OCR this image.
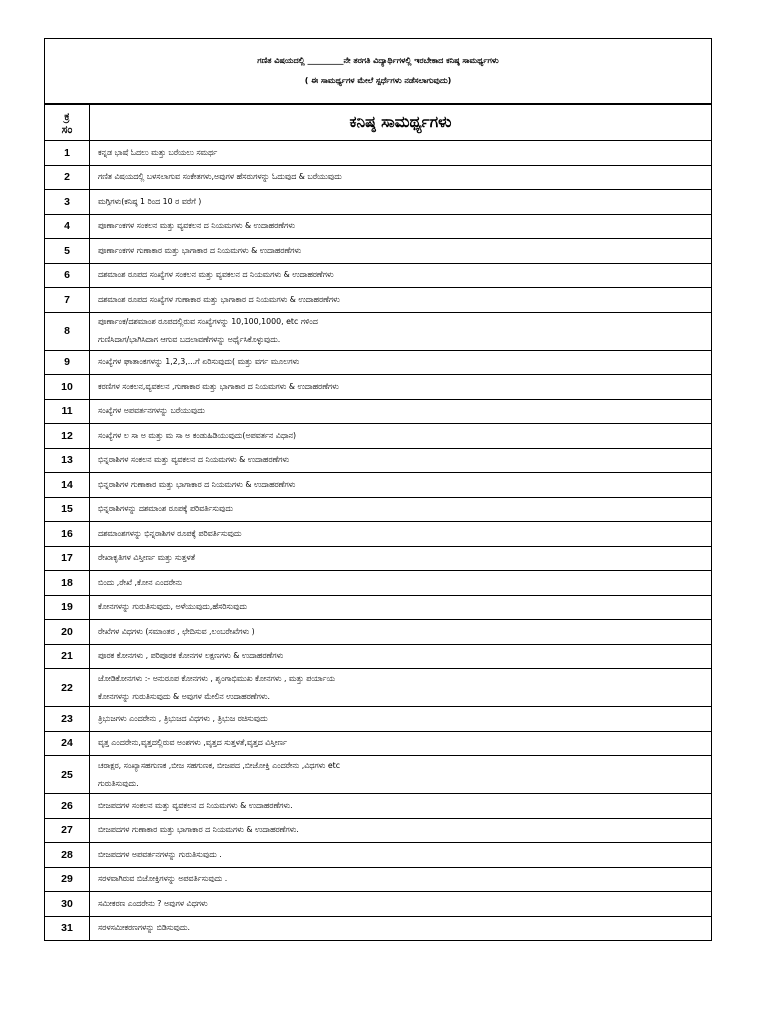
ಗಣಿತ ವಿಷಯದಲ್ಲಿ _________ನೇ ತರಗತಿ ವಿದ್ಯಾರ್ಥಿಗಳಲ್ಲಿ ಇರಬೇಕಾದ ಕನಿಷ್ಠ ಸಾಮರ್ಥ್ಯಗಳು
( ಈ ಸಾಮರ್ಥ್ಯಗಳ ಮೇಲೆ ಸ್ಪರ್ಧೆಗಳು ನಡೆಸಲಾಗುವುದು)
ಕ್ರ
ಸಂ	ಕನಿಷ್ಠ ಸಾಮರ್ಥ್ಯಗಳು
1	ಕನ್ನಡ ಭಾಷೆ ಓದಲು ಮತ್ತು ಬರೆಯಲು ಸಮರ್ಥ

2	ಗಣಿತ ವಿಷಯದಲ್ಲಿ ಬಳಸಲಾಗುವ ಸಂಕೇತಗಳು,ಅವುಗಳ ಹೆಸರುಗಳನ್ನು ಓದುವುದ & ಬರೆಯುವುದು

3	ಮಗ್ಗಿಗಳು(ಕನಿಷ್ಠ 1 ರಿಂದ 10 ರ ವರೆಗೆ )

4	ಪೂರ್ಣಾಂಕಗಳ ಸಂಕಲನ ಮತ್ತು ವ್ಯವಕಲನ ದ ನಿಯಮಗಳು & ಉದಾಹರಣೆಗಳು

5	ಪೂರ್ಣಾಂಕಗಳ ಗುಣಾಕಾರ ಮತ್ತು ಭಾಗಾಕಾರ ದ ನಿಯಮಗಳು & ಉದಾಹರಣೆಗಳು

6	ದಶಮಾಂಶ ರೂಪದ ಸಂಖ್ಯೆಗಳ ಸಂಕಲನ ಮತ್ತು ವ್ಯವಕಲನ ದ ನಿಯಮಗಳು & ಉದಾಹರಣೆಗಳು

7	ದಶಮಾಂಶ ರೂಪದ ಸಂಖ್ಯೆಗಳ ಗುಣಾಕಾರ ಮತ್ತು ಭಾಗಾಕಾರ ದ ನಿಯಮಗಳು & ಉದಾಹರಣೆಗಳು

8	ಪೂರ್ಣಾಂಕ/ದಶಮಾಂಶ ರೂಪದಲ್ಲಿರುವ ಸಂಖ್ಯೆಗಳನ್ನು 10,100,1000, etc ಗಳಿಂದ
ಗುಣಿಸಿದಾಗ/ಭಾಗಿಸಿದಾಗ ಆಗುವ ಬದಲಾವಣೆಗಳನ್ನು ಅರ್ಥೈಸಿಕೊಳ್ಳುವುದು.

9	ಸಂಖ್ಯೆಗಳ ಘಾತಾಂಕಗಳನ್ನು 1,2,3,...ಗೆ ಏರಿಸುವುದು( ಮತ್ತು ವರ್ಗ ಮೂಲಗಳು

10	ಕರಣಿಗಳ ಸಂಕಲನ,ವ್ಯವಕಲನ ,ಗುಣಾಕಾರ ಮತ್ತು ಭಾಗಾಕಾರ ದ ನಿಯಮಗಳು & ಉದಾಹರಣೆಗಳು

11	ಸಂಖ್ಯೆಗಳ ಅಪವರ್ತನಗಳನ್ನು ಬರೆಯುವುದು

12	ಸಂಖ್ಯೆಗಳ ಲ ಸಾ ಅ ಮತ್ತು ಮ ಸಾ ಅ ಕಂಡುಹಿಡಿಯುವುದು(ಅಪವರ್ತನ ವಿಧಾನ)

13	ಭಿನ್ನರಾಶಿಗಳ ಸಂಕಲನ ಮತ್ತು ವ್ಯವಕಲನ ದ ನಿಯಮಗಳು & ಉದಾಹರಣೆಗಳು

14	ಭಿನ್ನರಾಶಿಗಳ ಗುಣಾಕಾರ ಮತ್ತು ಭಾಗಾಕಾರ ದ ನಿಯಮಗಳು & ಉದಾಹರಣೆಗಳು

15	ಭಿನ್ನರಾಶಿಗಳನ್ನು ದಶಮಾಂಶ ರೂಪಕ್ಕೆ ಪರಿವರ್ತಿಸುವುದು

16	ದಶಮಾಂಶಗಳನ್ನು ಭಿನ್ನರಾಶಿಗಳ ರೂಪಕ್ಕೆ ಪರಿವರ್ತಿಸುವುದು

17	ರೇಖಾಕೃತಿಗಳ ವಿಸ್ತೀರ್ಣ ಮತ್ತು ಸುತ್ತಳತೆ

18	ಬಿಂದು ,ರೇಖೆ ,ಕೋನ ಎಂದರೇನು

19	ಕೋನಗಳನ್ನು ಗುರುತಿಸುವುದು, ಅಳೆಯುವುದು,ಹೆಸರಿಸುವುದು

20	ರೇಖೆಗಳ ವಿಧಗಳು (ಸಮಾಂತರ , ಛೇದಿಸುವ ,ಲಂಬರೇಖೆಗಳು )

21	ಪೂರಕ ಕೋನಗಳು , ಪರಿಪೂರಕ ಕೋನಗಳ ಲಕ್ಷಣಗಳು & ಉದಾಹರಣೆಗಳು

22	ಜೋಡಿಕೋನಗಳು :- ಅನುರೂಪ ಕೋನಗಳು , ಶೃಂಗಾಭಿಮುಖ ಕೋನಗಳು , ಮತ್ತು ಪರ್ಯಾಯ
ಕೋನಗಳನ್ನು ಗುರುತಿಸುವುದು & ಅವುಗಳ ಮೇಲಿನ ಉದಾಹರಣೆಗಳು.

23	ತ್ರಿಭುಜಗಳು ಎಂದರೇನು , ತ್ರಿಭುಜದ ವಿಧಗಳು , ತ್ರಿಭುಜ ರಚಿಸುವುದು

24	ವೃತ್ತ ಎಂದರೇನು,ವೃತ್ತದಲ್ಲಿರುವ ಅಂಶಗಳು ,ವೃತ್ತದ ಸುತ್ತಳತೆ,ವೃತ್ತದ ವಿಸ್ತೀರ್ಣ

25	ಚರಾಕ್ಷರ, ಸಂಖ್ಯಾಸಹಗುಣಕ ,ಬೀಜ ಸಹಗುಣಕ, ಬೀಜಪದ ,ಬೀಜೋಕ್ತಿ ಎಂದರೇನು ,ವಿಧಗಳು etc
ಗುರುತಿಸುವುದು.

26	ಬೀಜಪದಗಳ ಸಂಕಲನ ಮತ್ತು ವ್ಯವಕಲನ ದ ನಿಯಮಗಳು & ಉದಾಹರಣೆಗಳು.

27	ಬೀಜಪದಗಳ ಗುಣಾಕಾರ ಮತ್ತು ಭಾಗಾಕಾರ ದ ನಿಯಮಗಳು & ಉದಾಹರಣೆಗಳು.

28	ಬೀಜಪದಗಳ ಅಪವರ್ತನಗಳನ್ನು ಗುರುತಿಸುವುದು .

29	ಸರಳವಾಗಿರುವ ಬಿಜೋಕ್ತಿಗಳನ್ನು ಅಪವರ್ತಿಸುವುದು .

30	ಸಮೀಕರಣ ಎಂದರೇನು ? ಅವುಗಳ ವಿಧಗಳು

31	ಸರಳಸಮೀಕರಣಗಳನ್ನು ಬಿಡಿಸುವುದು.
